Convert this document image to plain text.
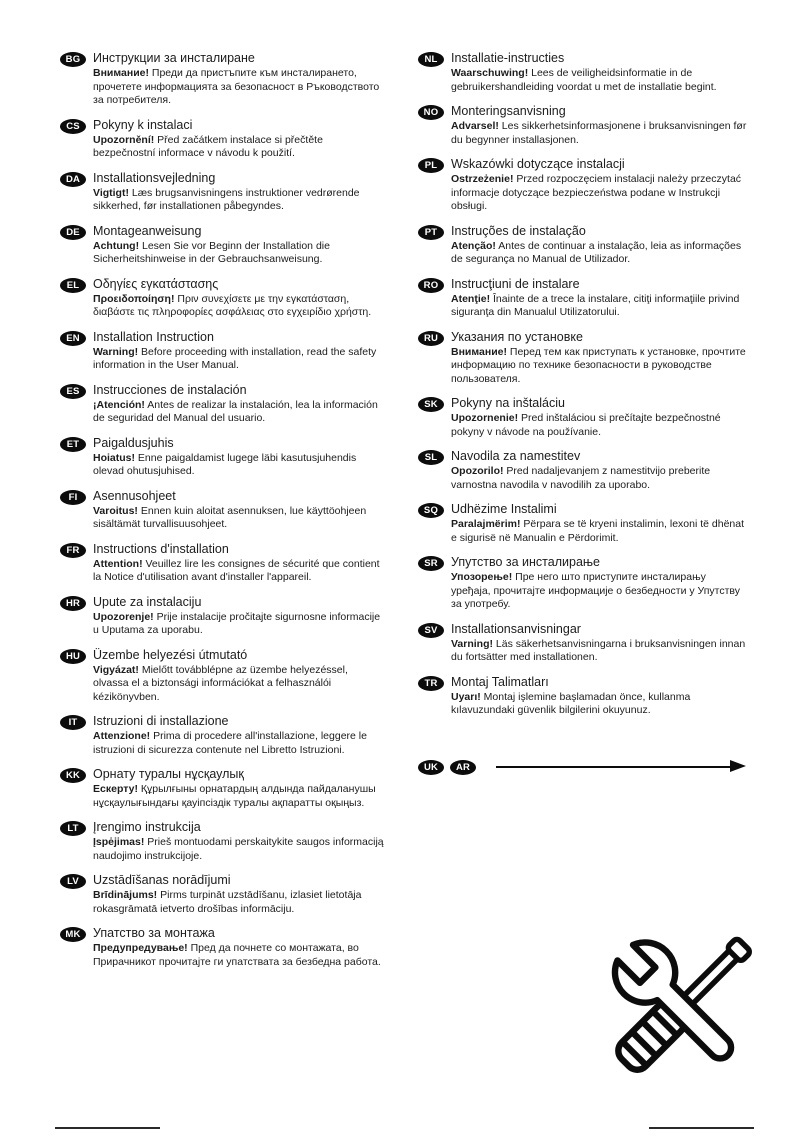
BG	Инструкции за инсталиране
Внимание! Преди да пристъпите към инсталирането, прочетете информацията за безопасност в Ръководството за потребителя.
CS	Pokyny k instalaci
Upozornění! Před začátkem instalace si přečtěte bezpečnostní informace v návodu k použití.
DA	Installationsvejledning
Vigtigt! Læs brugsanvisningens instruktioner vedrørende sikkerhed, før installationen påbegyndes.
DE	Montageanweisung
Achtung! Lesen Sie vor Beginn der Installation die Sicherheitshinweise in der Gebrauchsanweisung.
EL	Οδηγίες εγκατάστασης
Προειδοποίηση! Πριν συνεχίσετε με την εγκατάσταση, διαβάστε τις πληροφορίες ασφάλειας στο εγχειρίδιο χρήστη.
EN	Installation Instruction
Warning! Before proceeding with installation, read the safety information in the User Manual.
ES	Instrucciones de instalación
¡Atención! Antes de realizar la instalación, lea la información de seguridad del Manual del usuario.
ET	Paigaldusjuhis
Hoiatus! Enne paigaldamist lugege läbi kasutusjuhendis olevad ohutusjuhised.
FI	Asennusohjeet
Varoitus! Ennen kuin aloitat asennuksen, lue käyttöohjeen sisältämät turvallisuusohjeet.
FR	Instructions d'installation
Attention! Veuillez lire les consignes de sécurité que contient la Notice d'utilisation avant d'installer l'appareil.
HR	Upute za instalaciju
Upozorenje! Prije instalacije pročitajte sigurnosne informacije u Uputama za uporabu.
HU	Üzembe helyezési útmutató
Vigyázat! Mielőtt továbblépne az üzembe helyezéssel, olvassa el a biztonsági információkat a felhasználói kézikönyvben.
IT	Istruzioni di installazione
Attenzione! Prima di procedere all'installazione, leggere le istruzioni di sicurezza contenute nel Libretto Istruzioni.
KK	Орнату туралы нұсқаулық
Ескерту! Құрылғыны орнатардың алдында пайдаланушы нұсқаулығындағы қауіпсіздік туралы ақпаратты оқыңыз.
LT	Įrengimo instrukcija
Įspėjimas! Prieš montuodami perskaitykite saugos informaciją naudojimo instrukcijoje.
LV	Uzstādīšanas norādījumi
Brīdinājums! Pirms turpināt uzstādīšanu, izlasiet lietotāja rokasgrāmatā ietverto drošības informāciju.
MK Упатство за монтажа
Предупредување! Пред да почнете со монтажата, во Прирачникот прочитајте ги упатствата за безбедна работа.
NL	Installatie-instructies
Waarschuwing! Lees de veiligheidsinformatie in de gebruikershandleiding voordat u met de installatie begint.
NO	Monteringsanvisning
Advarsel! Les sikkerhetsinformasjonene i bruksanvisningen før du begynner installasjonen.
PL	Wskazówki dotyczące instalacji
Ostrzeżenie! Przed rozpoczęciem instalacji należy przeczytać informacje dotyczące bezpieczeństwa podane w Instrukcji obsługi.
PT	Instruções de instalação
Atenção! Antes de continuar a instalação, leia as informações de segurança no Manual de Utilizador.
RO	Instrucţiuni de instalare
Atenţie! Înainte de a trece la instalare, citiţi informaţiile privind siguranţa din Manualul Utilizatorului.
RU	Указания по установке
Внимание! Перед тем как приступать к установке, прочтите информацию по технике безопасности в руководстве пользователя.
SK	Pokyny na inštaláciu
Upozornenie! Pred inštaláciou si prečítajte bezpečnostné pokyny v návode na používanie.
SL	Navodila za namestitev
Opozorilo! Pred nadaljevanjem z namestitvijo preberite varnostna navodila v navodilih za uporabo.
SQ	Udhëzime Instalimi
Paralajmërim! Përpara se të kryeni instalimin, lexoni të dhënat e sigurisë në Manualin e Përdorimit.
SR	Упутство за инсталирање
Упозорење! Пре него што приступите инсталирању уређаја, прочитајте информације о безбедности у Упутству за употребу.
SV	Installationsanvisningar
Varning! Läs säkerhetsanvisningarna i bruksanvisningen innan du fortsätter med installationen.
TR	Montaj Talimatları
Uyarı! Montaj işlemine başlamadan önce, kullanma kılavuzundaki güvenlik bilgilerini okuyunuz.
UK	AR
